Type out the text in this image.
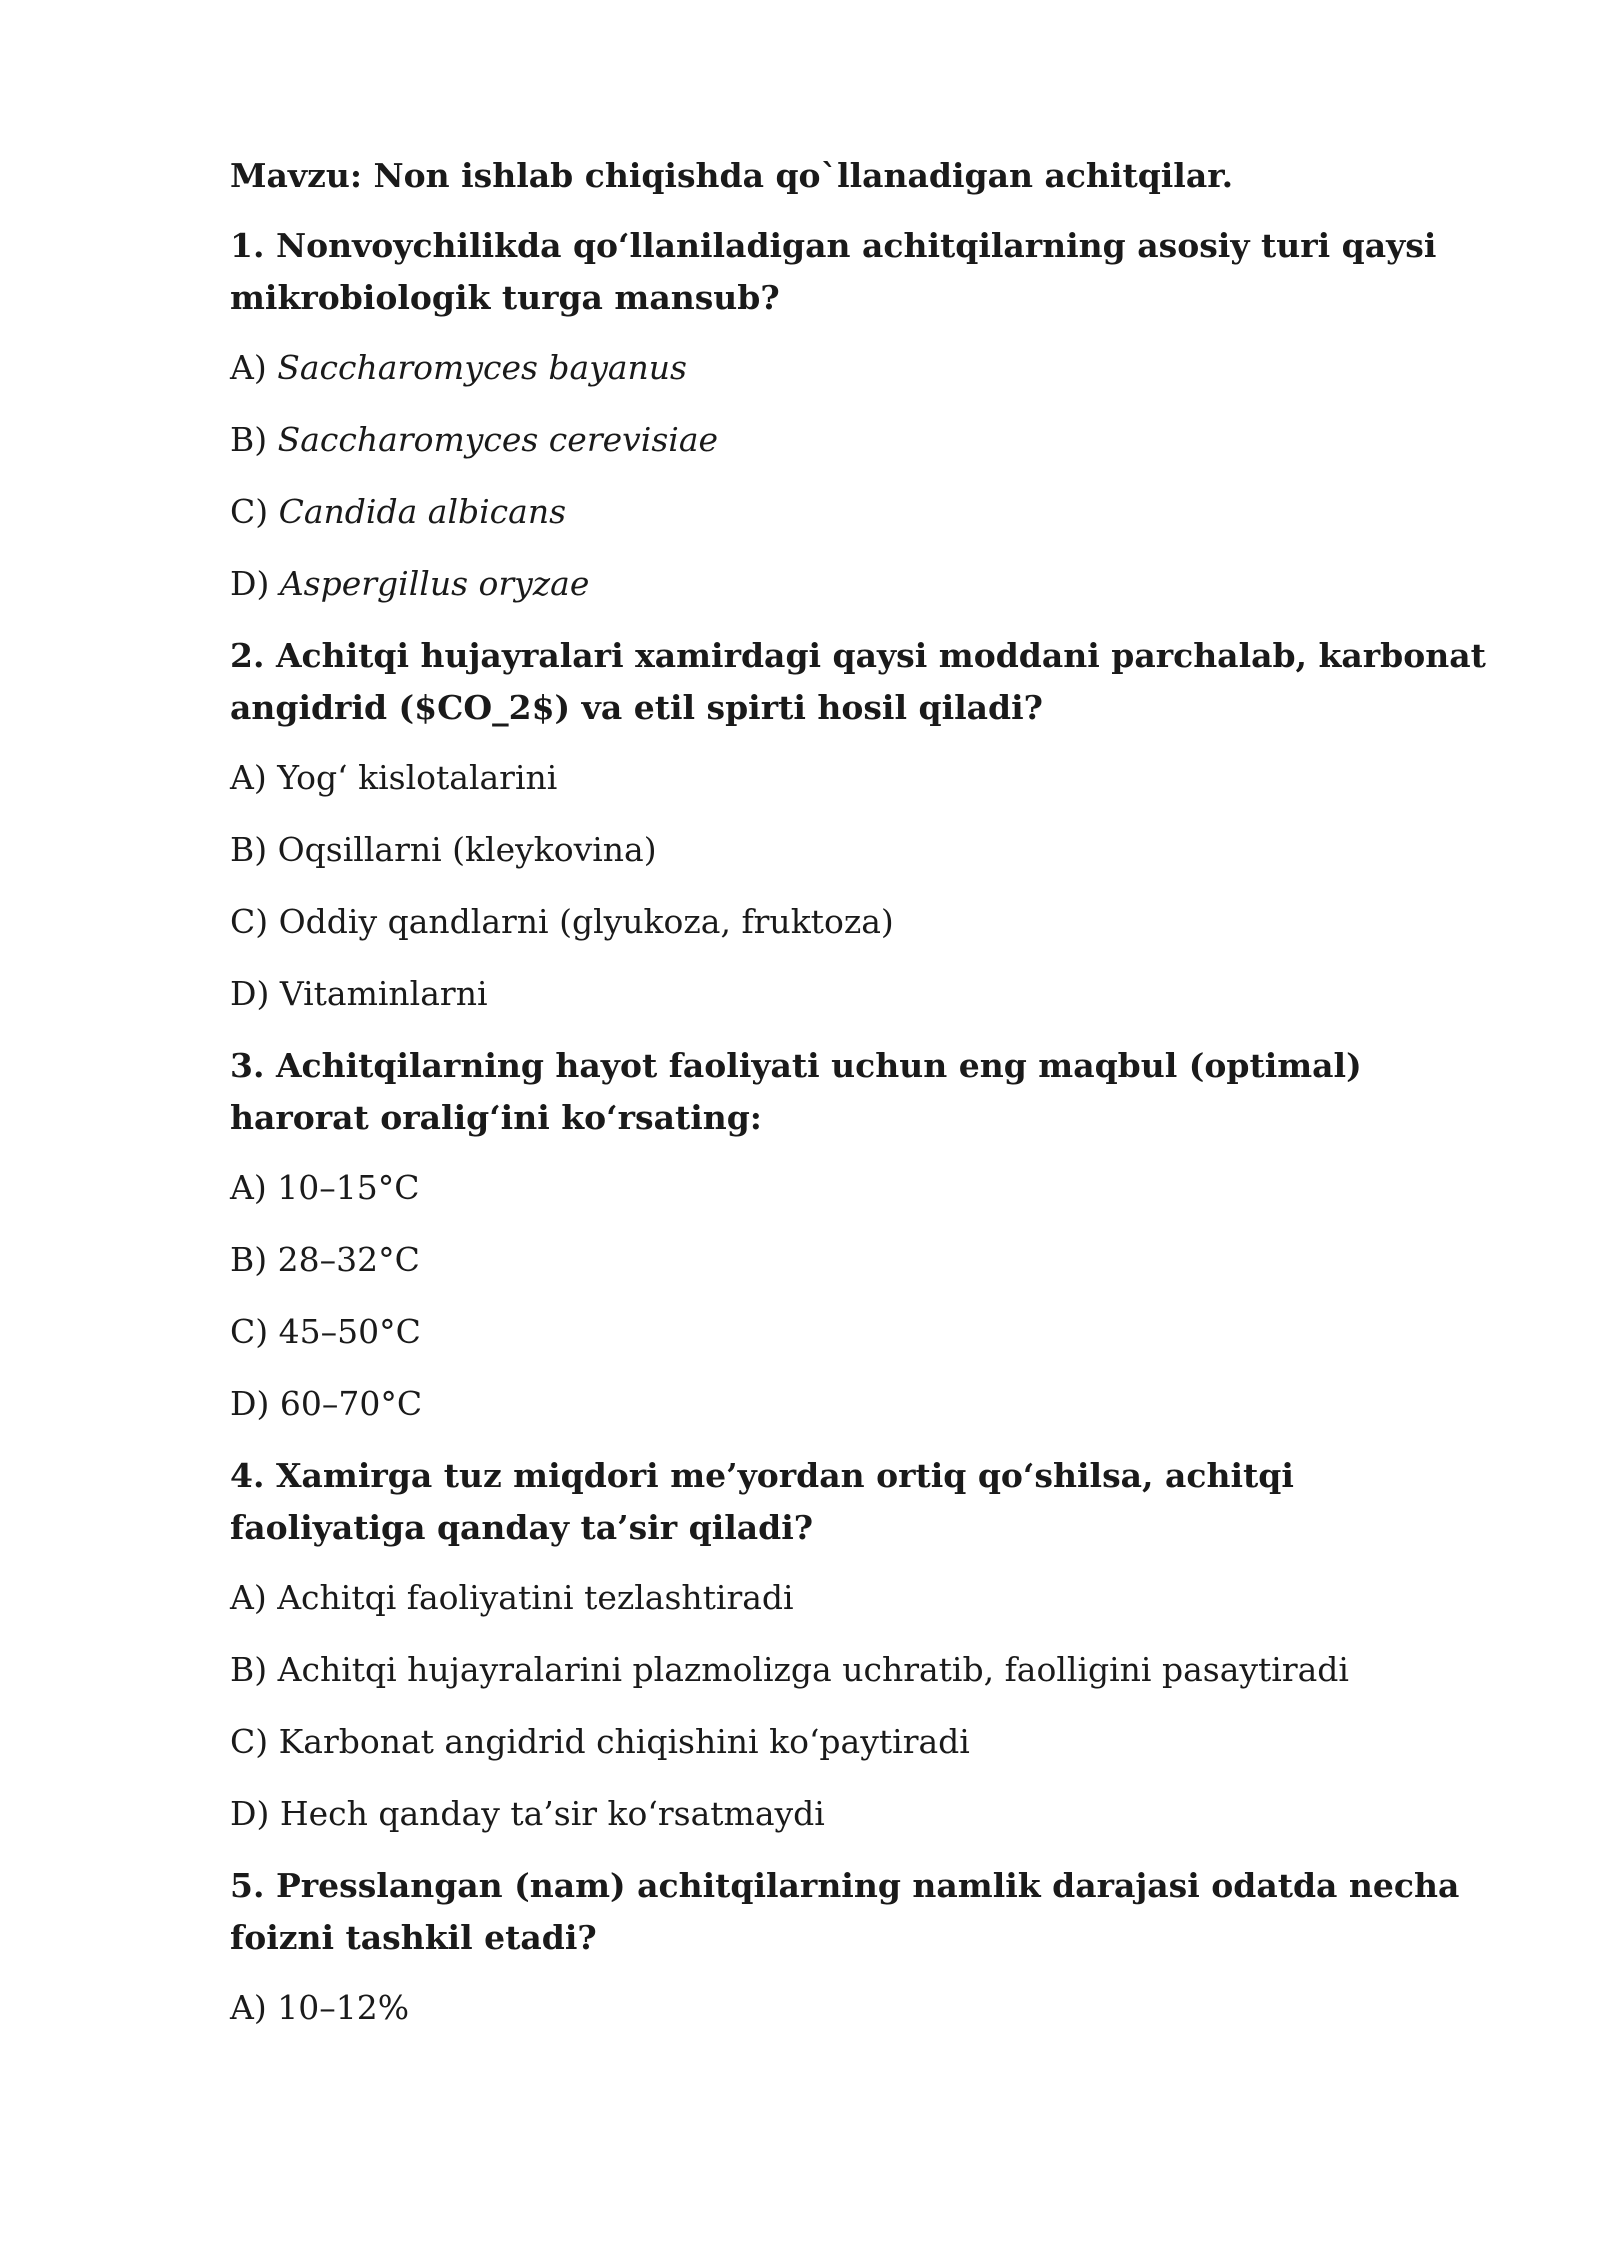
Mavzu: Non ishlab chiqishda qo`llanadigan achitqilar.

1. Nonvoychilikda qo‘llaniladigan achitqilarning asosiy turi qaysi mikrobiologik turga mansub?

A) Saccharomyces bayanus

B) Saccharomyces cerevisiae

C) Candida albicans

D) Aspergillus oryzae

2. Achitqi hujayralari xamirdagi qaysi moddani parchalab, karbonat angidrid ($CO_2$) va etil spirti hosil qiladi?

A) Yog‘ kislotalarini

B) Oqsillarni (kleykovina)

C) Oddiy qandlarni (glyukoza, fruktoza)

D) Vitaminlarni

3. Achitqilarning hayot faoliyati uchun eng maqbul (optimal) harorat oralig‘ini ko‘rsating:

A) 10–15°C

B) 28–32°C

C) 45–50°C

D) 60–70°C

4. Xamirga tuz miqdori me’yordan ortiq qo‘shilsa, achitqi faoliyatiga qanday ta’sir qiladi?

A) Achitqi faoliyatini tezlashtiradi

B) Achitqi hujayralarini plazmolizga uchratib, faolligini pasaytiradi

C) Karbonat angidrid chiqishini ko‘paytiradi

D) Hech qanday ta’sir ko‘rsatmaydi

5. Presslangan (nam) achitqilarning namlik darajasi odatda necha foizni tashkil etadi?

A) 10–12%
